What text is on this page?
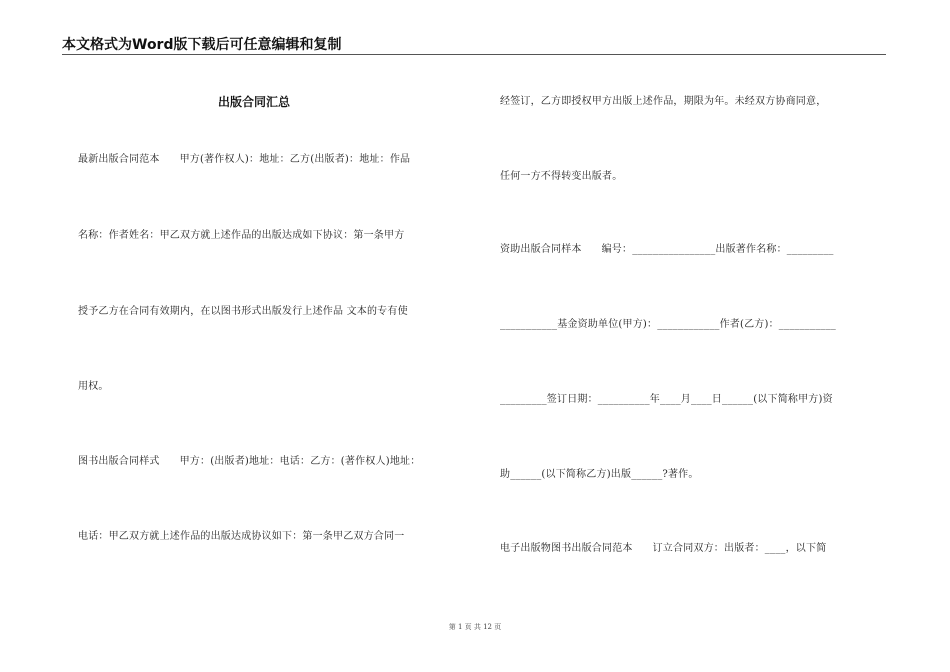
本文格式为Word版下载后可任意编辑和复制
出版合同汇总
最新出版合同范本 甲方(著作权人)：地址：乙方(出版者)：地址：作品
名称：作者姓名：甲乙双方就上述作品的出版达成如下协议：第一条甲方
授予乙方在合同有效期内，在以图书形式出版发行上述作品 文本的专有使
用权。
图书出版合同样式 甲方：(出版者)地址：电话：乙方：(著作权人)地址：
电话：甲乙双方就上述作品的出版达成协议如下：第一条甲乙双方合同一
经签订，乙方即授权甲方出版上述作品，期限为年。未经双方协商同意，
任何一方不得转变出版者。
资助出版合同样本 编号：________________出版著作名称：_________
___________基金资助单位(甲方)：____________作者(乙方)：___________
_________签订日期：__________年____月____日______(以下简称甲方)资
助______(以下简称乙方)出版______?著作。
电子出版物图书出版合同范本 订立合同双方：出版者：____，以下简
第 1 页 共 12 页
